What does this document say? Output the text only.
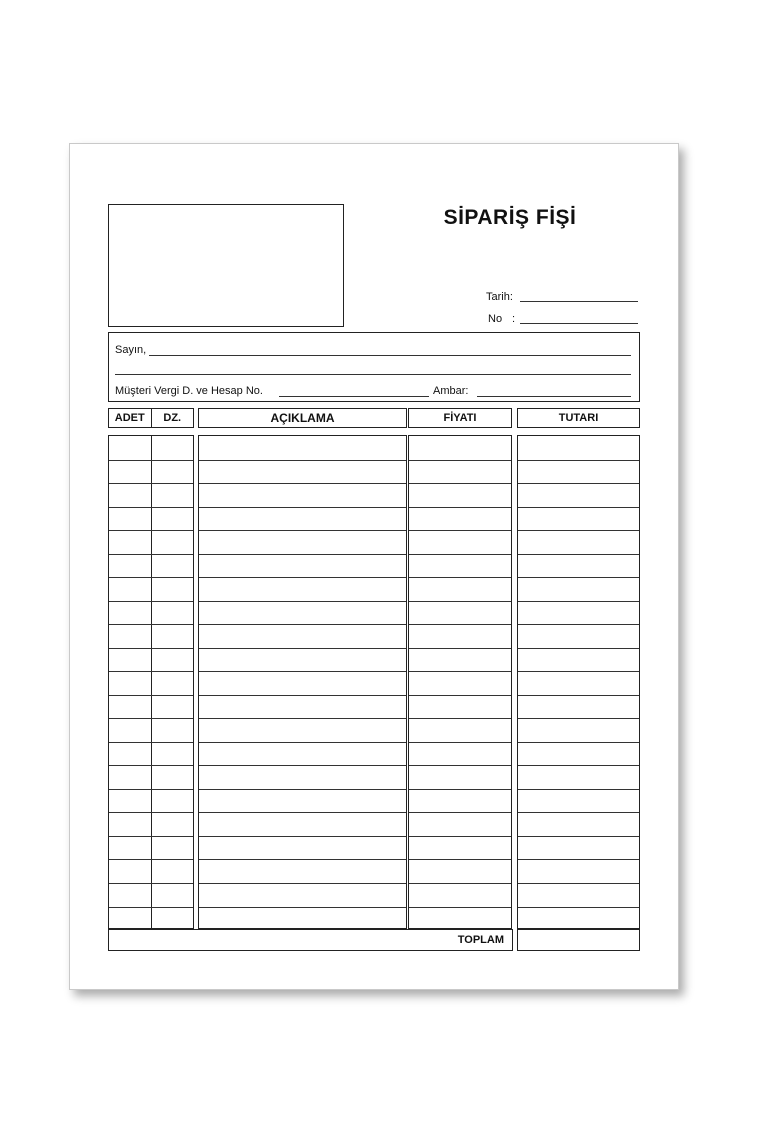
SİPARİŞ FİŞİ
Tarih:
No :
Sayın,
Müşteri Vergi D. ve Hesap No.	Ambar:
ADET	DZ.	AÇIKLAMA	FİYATI	TUTARI
TOPLAM
